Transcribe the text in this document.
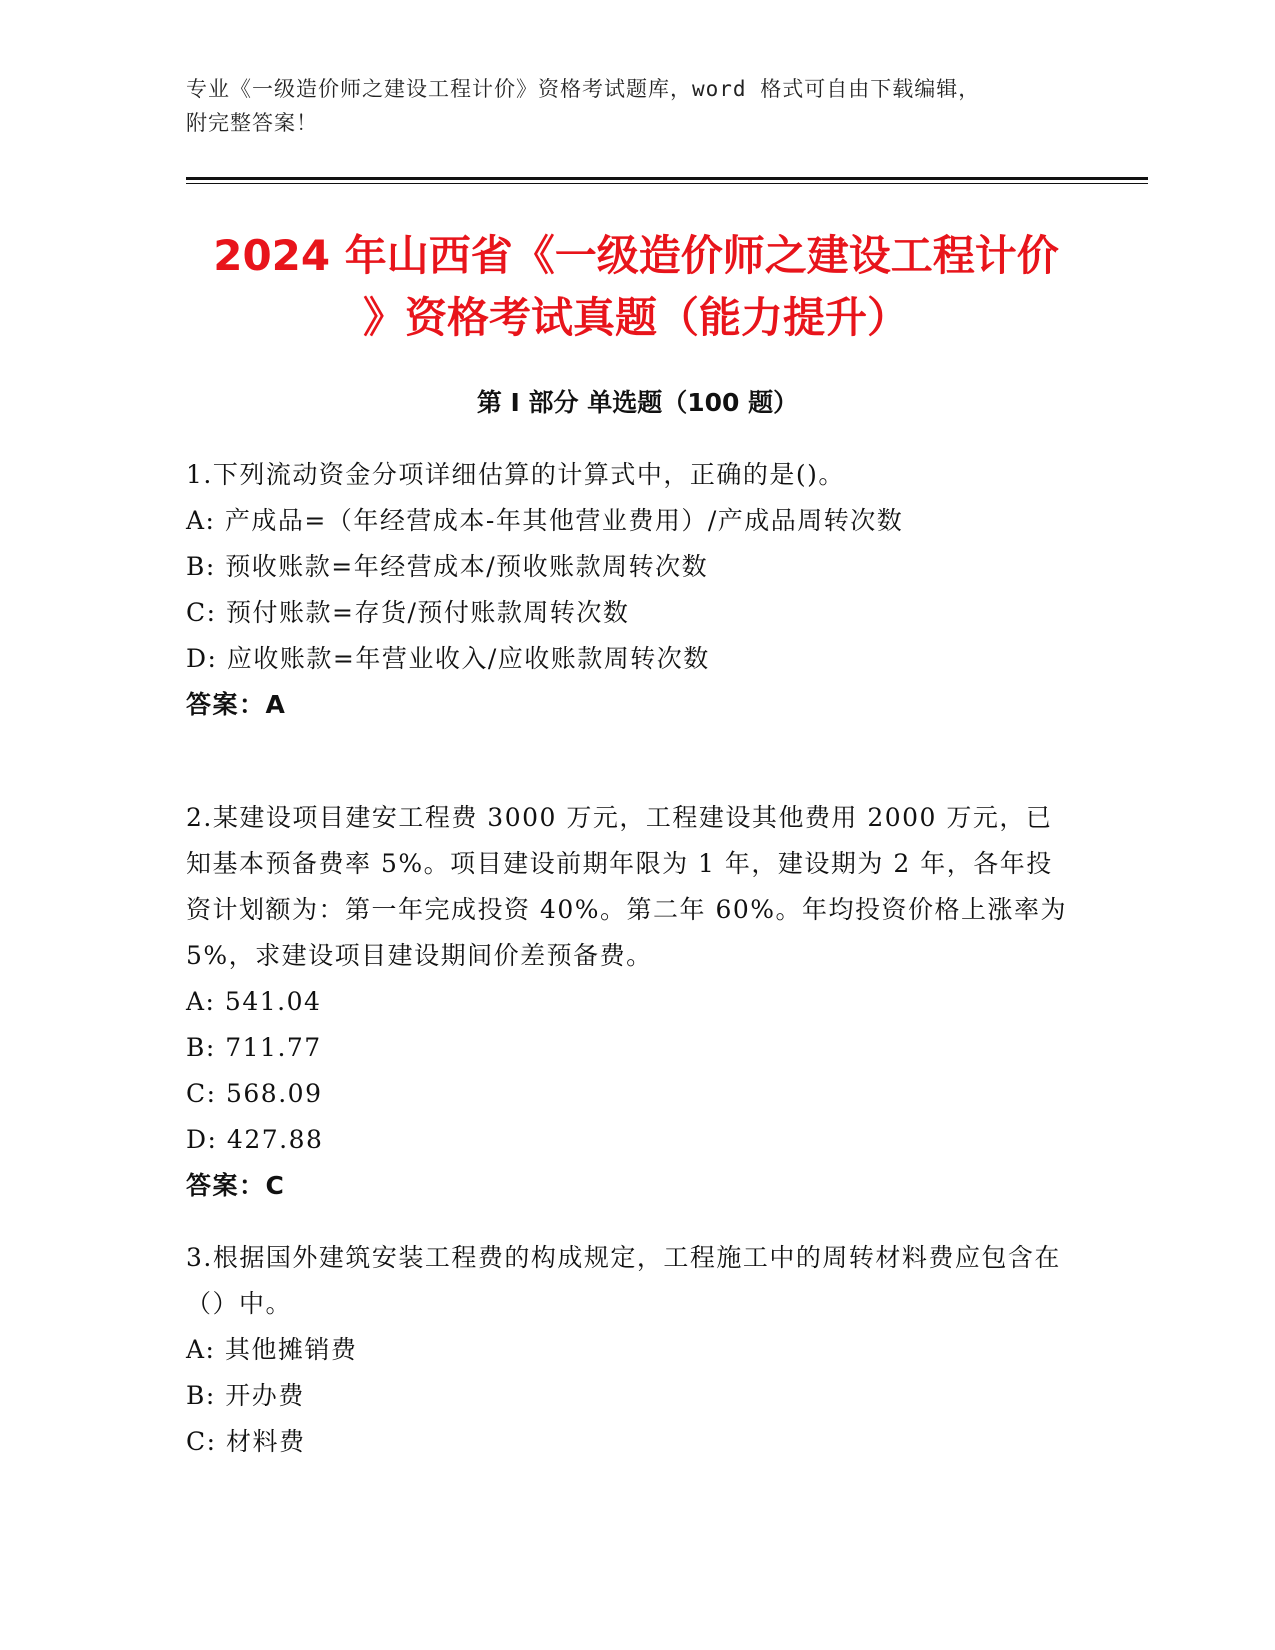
专业《一级造价师之建设工程计价》资格考试题库，word 格式可自由下载编辑，
附完整答案！
2024 年山西省《一级造价师之建设工程计价
》资格考试真题（能力提升）
第 I 部分 单选题（100 题）
1.下列流动资金分项详细估算的计算式中，正确的是()。
A: 产成品=（年经营成本-年其他营业费用）/产成品周转次数
B: 预收账款=年经营成本/预收账款周转次数
C: 预付账款=存货/预付账款周转次数
D: 应收账款=年营业收入/应收账款周转次数
答案：A
2.某建设项目建安工程费 3000 万元，工程建设其他费用 2000 万元，已知基本预备费率 5%。项目建设前期年限为 1 年，建设期为 2 年，各年投资计划额为：第一年完成投资 40%。第二年 60%。年均投资价格上涨率为 5%，求建设项目建设期间价差预备费。
A: 541.04
B: 711.77
C: 568.09
D: 427.88
答案：C
3.根据国外建筑安装工程费的构成规定，工程施工中的周转材料费应包含在（）中。
A: 其他摊销费
B: 开办费
C: 材料费
